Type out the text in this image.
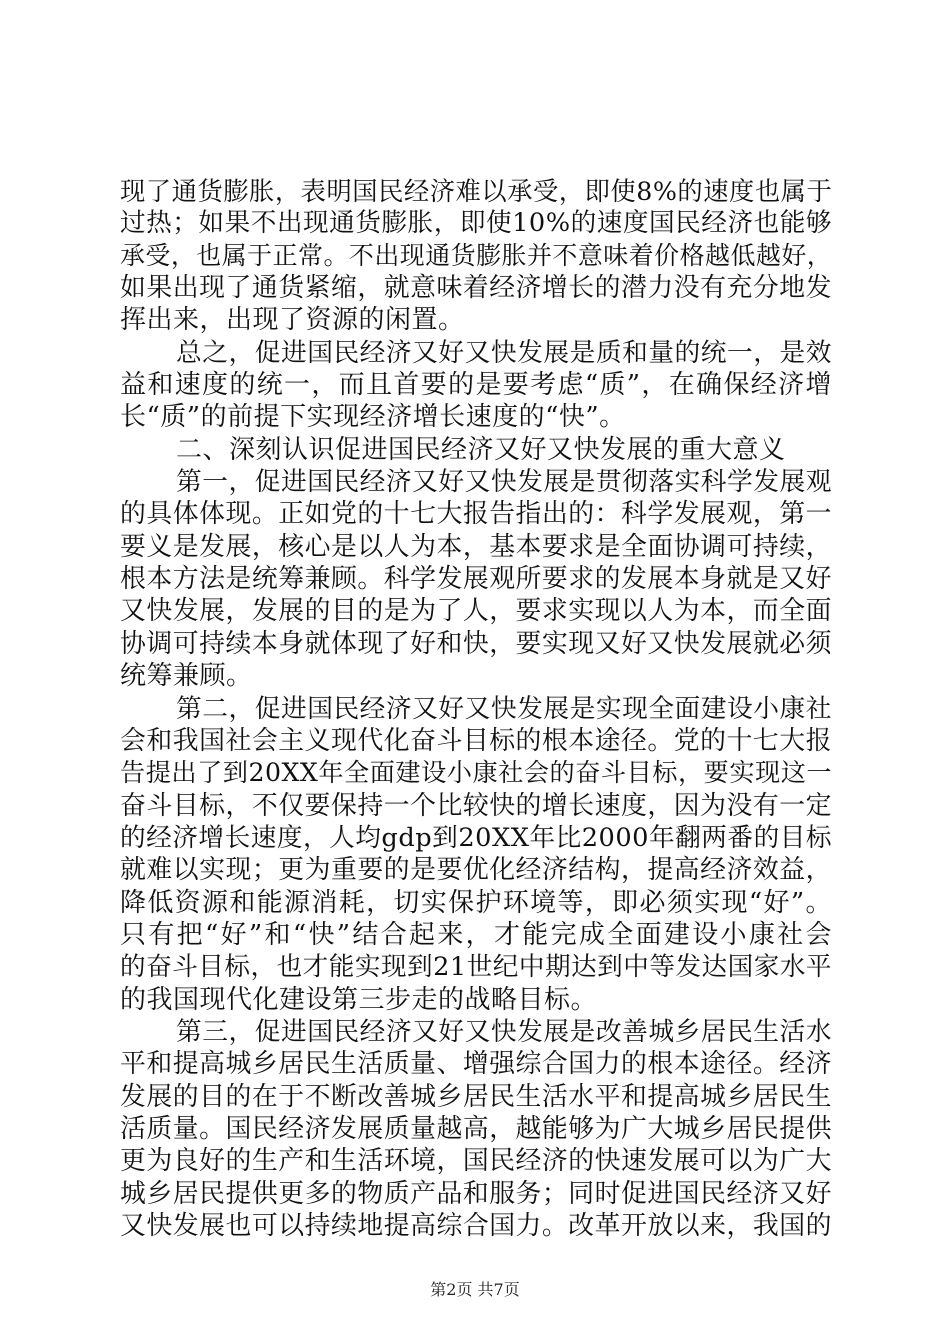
现了通货膨胀，表明国民经济难以承受，即使8%的速度也属于
过热；如果不出现通货膨胀，即使10%的速度国民经济也能够
承受，也属于正常。不出现通货膨胀并不意味着价格越低越好，
如果出现了通货紧缩，就意味着经济增长的潜力没有充分地发
挥出来，出现了资源的闲置。
总之，促进国民经济又好又快发展是质和量的统一，是效
益和速度的统一，而且首要的是要考虑“质”，在确保经济增
长“质”的前提下实现经济增长速度的“快”。
二、深刻认识促进国民经济又好又快发展的重大意义
第一，促进国民经济又好又快发展是贯彻落实科学发展观
的具体体现。正如党的十七大报告指出的：科学发展观，第一
要义是发展，核心是以人为本，基本要求是全面协调可持续，
根本方法是统筹兼顾。科学发展观所要求的发展本身就是又好
又快发展，发展的目的是为了人，要求实现以人为本，而全面
协调可持续本身就体现了好和快，要实现又好又快发展就必须
统筹兼顾。
第二，促进国民经济又好又快发展是实现全面建设小康社
会和我国社会主义现代化奋斗目标的根本途径。党的十七大报
告提出了到20XX年全面建设小康社会的奋斗目标，要实现这一
奋斗目标，不仅要保持一个比较快的增长速度，因为没有一定
的经济增长速度，人均gdp到20XX年比2000年翻两番的目标
就难以实现；更为重要的是要优化经济结构，提高经济效益，
降低资源和能源消耗，切实保护环境等，即必须实现“好”。
只有把“好”和“快”结合起来，才能完成全面建设小康社会
的奋斗目标，也才能实现到21世纪中期达到中等发达国家水平
的我国现代化建设第三步走的战略目标。
第三，促进国民经济又好又快发展是改善城乡居民生活水
平和提高城乡居民生活质量、增强综合国力的根本途径。经济
发展的目的在于不断改善城乡居民生活水平和提高城乡居民生
活质量。国民经济发展质量越高，越能够为广大城乡居民提供
更为良好的生产和生活环境，国民经济的快速发展可以为广大
城乡居民提供更多的物质产品和服务；同时促进国民经济又好
又快发展也可以持续地提高综合国力。改革开放以来，我国的
第2页 共7页
